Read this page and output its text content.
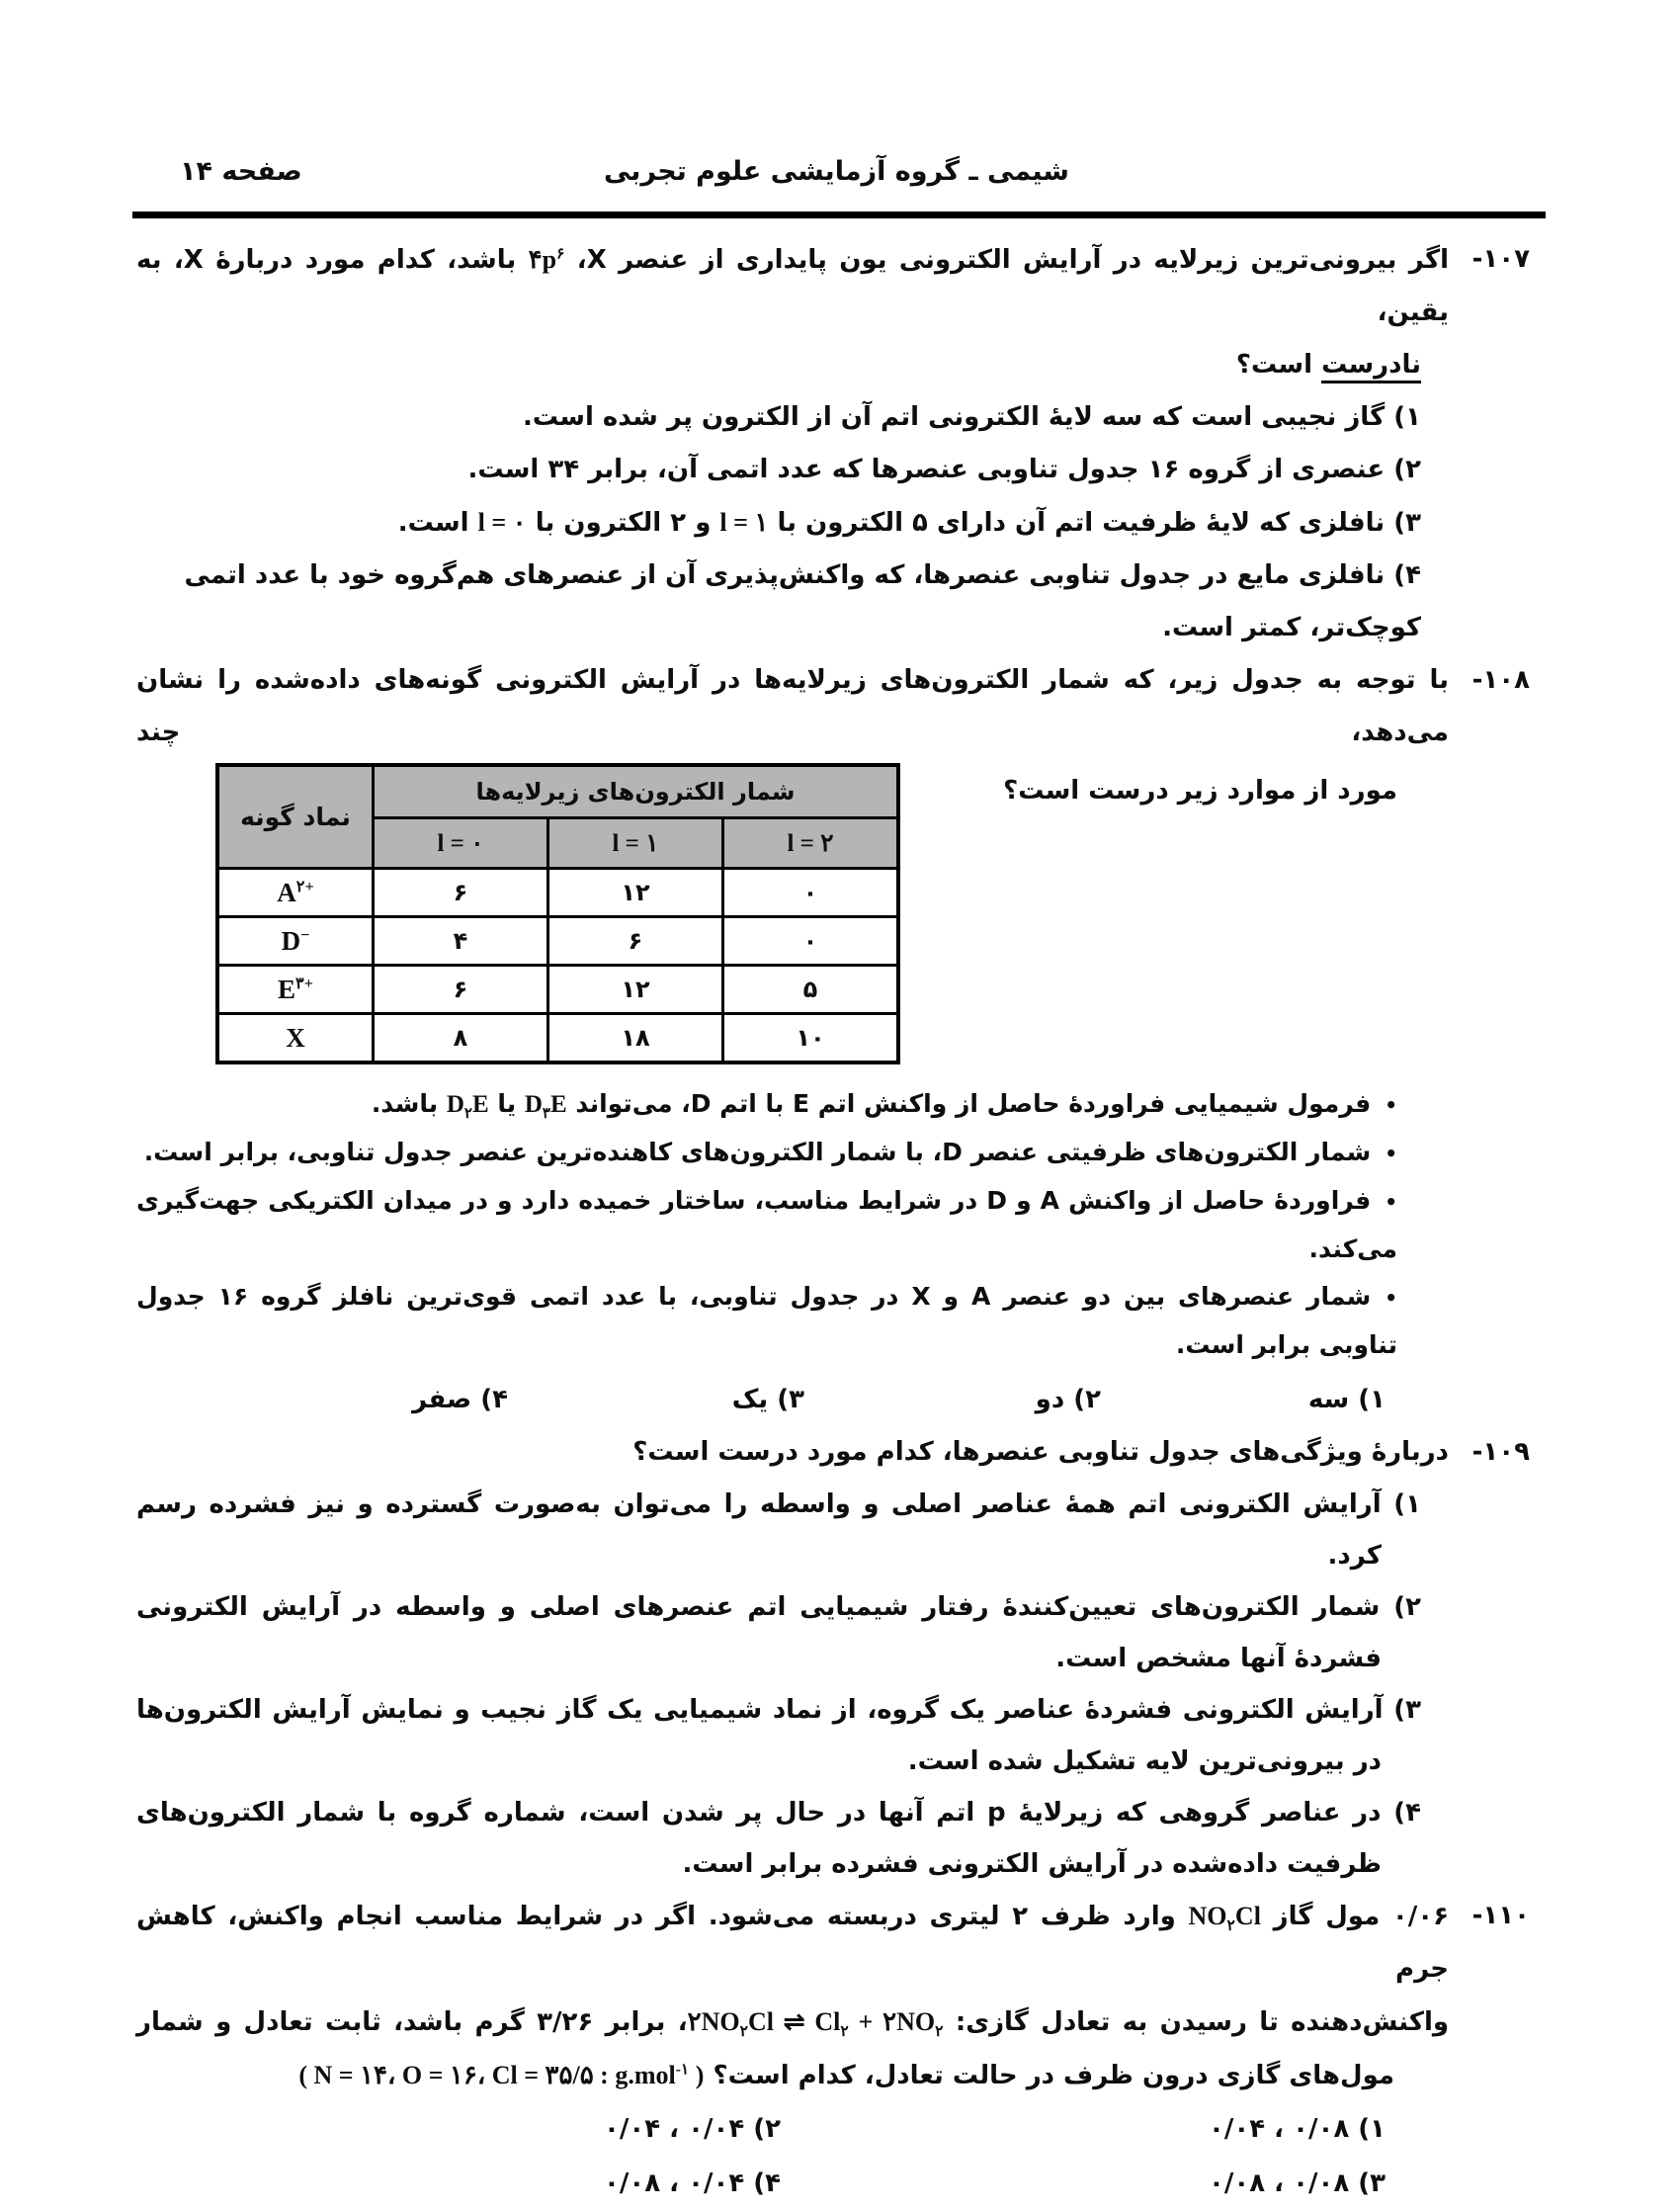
شیمی ـ گروه آزمایشی علوم تجربی
صفحه ۱۴
۱۰۷-
اگر بیرونی‌ترین زیرلایه در آرایش الکترونی یون پایداری از عنصر X،‏ $۴p^۶$ باشد، کدام مورد دربارۀ X، به یقین،
نادرست است؟
۱) گاز نجیبی است که سه لایۀ الکترونی اتم آن از الکترون پر شده است.
۲) عنصری از گروه ۱۶ جدول تناوبی عنصرها که عدد اتمی آن، برابر ۳۴ است.
۳) نافلزی که لایۀ ظرفیت اتم آن دارای ۵ الکترون با l = ۱ و ۲ الکترون با l = ۰ است.
۴) نافلزی مایع در جدول تناوبی عنصرها، که واکنش‌پذیری آن از عنصرهای هم‌گروه خود با عدد اتمی کوچک‌تر، کمتر است.
۱۰۸-
با توجه به جدول زیر، که شمار الکترون‌های زیرلایه‌ها در آرایش الکترونی گونه‌های داده‌شده را نشان می‌دهد، چند
مورد از موارد زیر درست است؟
نماد گونه	شمار الکترون‌های زیرلایه‌ها		
	l = ۰	l = ۱	l = ۲
$A^{۲+}$	۶	۱۲	۰
D−	۴	۶	۰
$E^{۳+}$	۶	۱۲	۵
X	۸	۱۸	۱۰
•فرمول شیمیایی فراوردۀ حاصل از واکنش اتم E با اتم D، می‌تواند $D_۳E$ یا $D_۲E$ باشد.
•شمار الکترون‌های ظرفیتی عنصر D، با شمار الکترون‌های کاهنده‌ترین عنصر جدول تناوبی، برابر است.
•فراوردۀ حاصل از واکنش A و D در شرایط مناسب، ساختار خمیده دارد و در میدان الکتریکی جهت‌گیری می‌کند.
•شمار عنصرهای بین دو عنصر A و X در جدول تناوبی، با عدد اتمی قوی‌ترین نافلز گروه ۱۶ جدول تناوبی برابر است.
۱) سه
۲) دو
۳) یک
۴) صفر
۱۰۹-
دربارۀ ویژگی‌های جدول تناوبی عنصرها، کدام مورد درست است؟
۱) آرایش الکترونی اتم همۀ عناصر اصلی و واسطه را می‌توان به‌صورت گسترده و نیز فشرده رسم کرد.
۲) شمار الکترون‌های تعیین‌کنندۀ رفتار شیمیایی اتم عنصرهای اصلی و واسطه در آرایش الکترونی فشردۀ آنها مشخص است.
۳) آرایش الکترونی فشردۀ عناصر یک گروه، از نماد شیمیایی یک گاز نجیب و نمایش آرایش الکترون‌ها در بیرونی‌ترین لایه تشکیل شده است.
۴) در عناصر گروهی که زیرلایۀ p اتم آنها در حال پر شدن است، شماره گروه با شمار الکترون‌های ظرفیت داده‌شده در آرایش الکترونی فشرده برابر است.
۱۱۰-
۰/۰۶ مول گاز $NO_۲Cl$ وارد ظرف ۲ لیتری دربسته می‌شود. اگر در شرایط مناسب انجام واکنش، کاهش جرم
واکنش‌دهنده تا رسیدن به تعادل گازی: $۲NO_۲Cl$ ⇌ $Cl_۲$ + $۲NO_۲،$ برابر ۳/۲۶ گرم باشد، ثابت تعادل و شمار
مول‌های گازی درون ظرف در حالت تعادل، کدام است؟ ( N = ۱۴، O = ۱۶، Cl = ۳۵/۵ : g.mol$^{-۱}$ )
۱) ۰/۰۸ ، ۰/۰۴
۲) ۰/۰۴ ، ۰/۰۴
۳) ۰/۰۸ ، ۰/۰۸
۴) ۰/۰۴ ، ۰/۰۸
